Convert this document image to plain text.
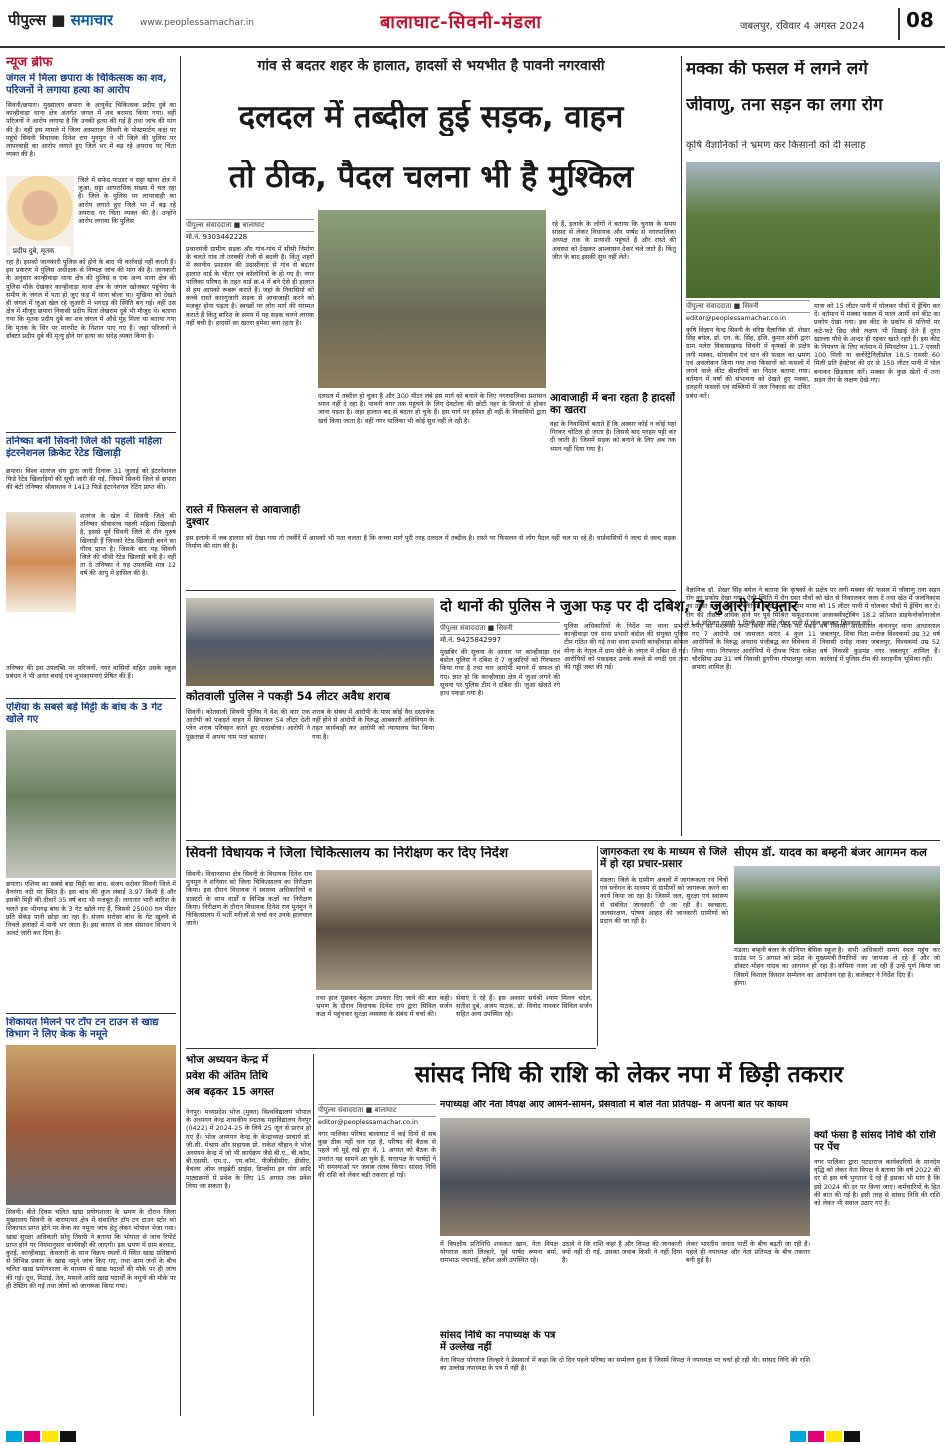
पीपुल्स ■ समाचार	www.peoplessamachar.in	बालाघाट-सिवनी-मंडला	जबलपुर, रविवार 4 अगस्त 2024	08
न्यूज ब्रीफ
जंगल में मिला छपारा के चिकित्सक का शव, परिजनों ने लगाया हत्या का आरोप
सिवनी/छपारा। मुख्यालय छपारा के आयुर्वेद चिकित्सक प्रदीप दुबे का कान्हीवाड़ा थाना क्षेत्र अंतर्गत जंगल में शव बरामद किया गया। वहीं परिजनों ने आरोप लगाया है कि उनकी हत्या की गई है तथा जांच की मांग की है। वहीं इस मामले में जिला अस्पताल सिवनी के पोस्टमार्टम कक्ष पर पहुंचे सिवनी विधायक दिनेश राय मुनमुन ने भी जिले की पुलिस पर लापरवाही का आरोप लगाते हुए जिले भर में बढ़ रहे अपराध पर चिंता व्यक्त की है।
प्रदीप दुबे, मृतक
जिले में सफेद पाउडर व सट्टा खाना क्षेत्र में जुआ, सट्टा आपराधिक संख्या में चल रहा है। जिले के पुलिस पर लापरवाही का आरोप लगाते हुए जिले भर में बढ़ रहे अपराध पर चिंता व्यक्त की है। उन्होंने आरोप लगाया कि पुलिस
रहा है। इसको जानकारी पुलिस को होने के बाद भी कार्रवाई नहीं करती है। इस प्रकरण में पुलिस अधीक्षक से निष्पक्ष जांच की मांग की है। जानकारी के अनुसार कान्हीवाड़ा थाना क्षेत्र की पुलिस व एक अन्य थाना क्षेत्र की पुलिस मौके देखकर कान्हीवाड़ा थाना क्षेत्र के जंगल खोजबार पहुंचेगा के समीप के जंगल में पता हो जुए फड़ में थाना बोला था। मुखिया को देखते ही जंगल में जुआ खेल रहे जुआरी में भगदड़ की स्थिति बन गई। वहीं उस क्षेत्र में मौजूद छपारा निवासी प्रदीप पिता लेखराम दुबे भी मौजूद थे। बताया गया कि मृतक प्रदीप दुबे का शव जंगल में औंधे मुंह मिला था बताया गया कि मृतक के सिर पर मारपीट के निशान पाए गए हैं। जहां परिजनों ने डॉक्टर प्रदीप दुबे की मृत्यु होने पर हत्या का संदेह व्यक्त किया है।
तनिष्का बनीं सिवनी जिले की पहली महिला इंटरनेशनल क्रिकेट रेटेड खिलाड़ी
छपारा। विश्व शतरंज संघ द्वारा जारी दिनांक 31 जुलाई को इंटरनेशनल फिडे रेटेड खिलाड़ियों की सूची जारी की गई, जिसमें सिवनी जिले से छपारा की बेटी तनिष्का श्रीवास्तव ने 1413 फिडे इंटरनेशनल रेटिंग प्राप्त की।
शतरंज के खेल में सिवनी जिले की तनिष्का श्रीवास्तव पहली महिला खिलाड़ी है, इससे पूर्व सिवनी जिले से तीन पुरुष खिलाड़ी हैं जिनको रेटेड खिलाड़ी बनने का गौरव प्राप्त है। जिसके बाद यह सिवनी जिले की चौथी रेटेड खिलाड़ी बनी है। वहीं ता दे तनिष्का ने यह उपलब्धि मात्र 12 वर्ष की आयु में हासिल की है।
तनिष्का की इस उपलब्धि पर परिजनों, नगर वासियों सहित उसके स्कूल प्रबंधन ने भी अनंत बधाई एवं शुभकामनाएं प्रेषित की हैं।
एशिया के सबसे बड़े मिट्टी के बांध के 3 गेट खोले गए
छपारा। एशिया का सबसे बड़ा मिट्टी का बांध, संजय सरोवर सिवनी जिले में वैनगंगा नदी पर स्थित है। इस बांध की कुल लंबाई 3.97 किमी है और इसकी मिट्टी की दीवारें 35 वर्ष बाद भी मजबूत हैं। लगातार भारी बारिश के चलते इस भीमगढ़ बांध के 3 गेट खोले गए हैं, जिससे 25000 घन मीटर प्रति सेकंड पानी छोड़ा जा रहा है। संजय सरोवर बांध के गेट खुलने से निचले इलाकों में पानी भर जाता है। इस कारण से जल संसाधन विभाग ने अलर्ट जारी कर दिया है।
शिकायत मिलने पर टॉप टन टाउन से खाद्य विभाग ने लिए केक के नमूने
सिवनी। बीते दिवस चलित खाद्य प्रयोगशाला के भ्रमण के दौरान जिला मुख्यालय सिवनी के बारापत्थर क्षेत्र में संचालित टॉप टन टाउन स्टोर को शिकायत प्राप्त होने पर केक का नमूना जांच हेतु लेकर भोपाल भेजा गया। खाद्य सुरक्षा अधिकारी सोनू तिवारी ने बताया कि भोपाल से जांच रिपोर्ट प्राप्त होने पर नियमानुसार कार्यवाही की जाएगी। इस भ्रमण में ग्राम बरघाट, कुरई, कान्हीवाड़ा, केवलारी के साथ विक्रय स्थलों में स्थित खाद्य प्रतिष्ठानों से विभिन्न प्रकार के खाद्य नमूने जांच किए गए, तथा आम जनों के बीच चलित खाद्य प्रयोगशाला के माध्यम से खाद्य पदार्थों की मौके पर ही जांच की गई। दूध, मिठाई, तेल, मसाले आदि खाद्य पदार्थों के नमूनों की मौके पर ही टेस्टिंग की गई तथा लोगों को जागरूक किया गया।
गांव से बदतर शहर के हालात, हादसों से भयभीत है पावनी नगरवासी
दलदल में तब्दील हुई सड़क, वाहन
तो ठीक, पैदल चलना भी है मुश्किल
पीपुल्स संवाददाता ■ बालाघाट
मो.नं. 9303442228
प्रधानमंत्री ग्रामीण सड़क और गांव-गांव में सीसी निर्माण के चलते गांव तो तरक्की तेजी से बदली है। किंतु शहरों में स्थानीय प्रशासन की उदासीनता से गांव से बदतर हालात वार्ड के भीतर एवं कॉलोनियों के हो गए हैं। नगर पालिका परिषद के तहत वार्ड क्र.4 में बने ऐसे ही हालात से हम आपको रूबरू कराते हैं। जहां के निवासियों को कच्चे रास्ते कारगुजारी सड़क से आवाजाही करने को मजबूर होना पड़ता है। स्वच्छों पर लोग मार्ग की मरम्मत कराते हैं किंतु बारिश के समय में यह सड़क चलने लायक नहीं बची है। हादसों का खतरा हमेशा बना रहता है।
दलदल में तब्दील हो चुका है और 300 मीटर लंबे इस मार्ग को बनाने के लिए नगरपालिका प्रशासन ध्यान नहीं दे रहा है। पावनी नगर तक पहुंचने के लिए देवटोला की छोटी नहर के किनारे से होकर जाना पड़ता है। जहां हालात बद से बदतर हो चुके हैं। इस मार्ग पर हमेशा ही नहीं के निवासियों द्वारा खर्च किया जाता है। वहीं नगर पालिका भी कोई सुध नहीं ले रही है।
आवाजाही में बना रहता है हादसों का खतरा
वहां के निवासियों बताते हैं कि अक्सर कोई न कोई यहां गिरकर चोटिल हो जाता है। जिससे बाद मरहम पट्टी कर दी जाती है। जिसमें सड़क को बनाने के लिए अब तक ध्यान नहीं दिया गया है।
रहे हैं, इलाके के लोगों ने बताया कि चुनाव के समय सांसद से लेकर विधायक और पार्षद से नगरपालिका अध्यक्ष तक के प्रत्याशी पहुंचते हैं और रास्ते की अवस्था को देखकर आश्वासन देकर चले जाते हैं। किंतु जीत के बाद इसकी सुध नहीं लेते।
रास्ते में फिसलन से आवाजाही दुश्वार
इस इलाके में जब हालात को देखा गया तो तस्वीरें में आपको भी पता चलता है कि कच्चा मार्ग पूरी तरह दलदल में तब्दील है। रास्ते पर फिसलन से लोग पैदल नहीं चल पा रहे हैं। वार्डवासियों ने जल्द से जल्द सड़क निर्माण की मांग की है।
मक्का की फसल में लगने लगे
जीवाणु, तना सड़न का लगा रोग
कृषि वैज्ञानिकों ने भ्रमण कर किसानों को दी सलाह
पीपुल्स संवाददाता ■ सिवनी
editor@peoplessamachar.co.in
कृषि विज्ञान केन्द्र सिवनी के वरिष्ठ वैज्ञानिक डॉ. शेखर सिंह बघेल, डॉ. एन. के. सिंह, इंजि. कुमार सोनी द्वारा ग्राम पलेरा विकासखण्ड सिवनी में कृषकों के प्रक्षेत्र लगी मक्का, सोयाबीन एवं धान की फसल का भ्रमण एवं अवलोकन किया गया तथा किसानों को फसलों में लगने वाले कीट बीमारियों का निदान बताया गया। वर्तमान में वर्षा की संभावना को देखते हुए मक्का, दलहनी फसलों एवं सब्जियों में जल निकास का उचित प्रबंध करें।
मात्रा को 15 लीटर पानी में घोलकर पौधों में ड्रेंचिंग कर दें। वर्तमान में मक्का फसल में फाल आर्मी वर्म कीट का प्रकोप देखा गया। इस कीट के प्रकोप से पत्तियों पर कटे-फटे छिद्र जैसे लक्षण भी दिखाई देते हैं तुरंत खाल्ला पौधे के अन्दर ही रहकर खाते रहते हैं। इस कीट के नियंत्रण के लिए वर्तमान में स्पिनटोरम 11.7 एससी 100 मिली या क्लोरेंट्रेनिलीप्रोल 18.5 एससी 60 मिली प्रति हेक्टेयर की दर से 150 लीटर पानी में घोल बनाकर छिड़काव करें। मक्का के कुछ खेतों में तना सड़न रोग के लक्षण देखे गए।
वैज्ञानिक डॉ. शेखर सिंह बघेल ने बताया कि कृषकों के प्रक्षेत्र पर लगी मक्का की फसल में जीवाणु तना सड़न रोग का प्रकोप देखा गया। ऐसी स्थिति में रोग ग्रस्त पौधों को खेत से निकालकर जला दें तथा खेत में जलनिकास का उचित प्रबंध करें एवं ब्लीचिंग पाउडर की 3 ग्राम मात्रा को 15 लीटर पानी में घोलकर पौधों में ड्रेंचिंग कर दें। रोग की तीव्रता अधिक होने पर पूर्व मिश्रित फफूंदनाशक अजाक्सीस्ट्रोबिन 18.2 प्रतिशत डाइफेनोकोनाजोल 11.4 प्रतिशत एससी 1 मिली दवा प्रति लीटर पानी में घोल बनाकर छिड़काव करें।
दो थानों की पुलिस ने जुआ फड़ पर दी दबिश, 7 जुआरी गिरफ्तार
पीपुल्स संवाददाता ■ सिवनी
मो.नं. 9425842997
मुखबिर की सूचना के आधार पर कान्हीवाड़ा एवं बंडोल पुलिस ने दबिश दे 7 जुआरियों को गिरफ्तार किया गया है तथा चार आरोपी भागने में सफल हो गए। ज्ञात हो कि कान्हीवाड़ा क्षेत्र में जुआ लगने की सूचना पर पुलिस टीम ने दबिश दी। जुआ खेलते रंगे हाथ पकड़ा गया है।
पुलिस अधिकारियों के निर्देश पर थाना प्रभारी कान्हीवाड़ा एवं थाना प्रभारी बंडोल की संयुक्त पुलिस टीम गठित की गई तथा थाना प्रभारी कान्हीवाड़ा कोमल मीना के नेतृत्व में ग्राम खैरी के जंगल में दबिश दी गई। आरोपियों को पकड़कर उनके कब्जे से नगदी एवं ताश की गड्डी जब्त की गई।
रुपए का मशरूका जप्त किया गया। मौके पर पकड़े गए 7 आरोपी एवं जामजत फरार 4 कुल 11 आरोपियों के विरुद्ध अपराध पंजीबद्ध कर विवेचना में लिया गया। गिरफ्तार आरोपियों में दीपक पिता राकेश चौरसिया उम्र 31 वर्ष निवासी डूंगरिया गोपालपुर थाना छपारा शामिल हैं।
वर्ष निवासी आधारताल कंचनपुर थाना आधारताल जबलपुर, शिवा पिता मनोज विश्वकर्मा उम्र 32 वर्ष निवासी दमोह नाका जबलपुर, विश्वकर्मा उम्र 52 वर्ष निवासी कुडमंड नगर जबलपुर शामिल हैं। कार्रवाई में पुलिस टीम की सराहनीय भूमिका रही।
कोतवाली पुलिस ने पकड़ी 54 लीटर अवैध शराब
सिवनी। कोतवाली सिवनी पुलिस ने वेश की कार एक आरोपी को पकड़ते वाहन में छिपाकर 54 लीटर देशी प्लेन शराब परिवहन करते हुए धरदबोचा। आरोपी ने पूछताछ में अपना नाम पता बताया।
शराब के संबंध में आरोपी के पास कोई वैध दस्तावेज नहीं होने से आरोपी के विरुद्ध आबकारी अधिनियम के तहत कार्यवाही कर आरोपी को न्यायालय पेश किया गया है।
सिवनी विधायक ने जिला चिकित्सालय का निरीक्षण कर दिए निर्देश
सिवनी। विधानसभा क्षेत्र सिवनी के विधायक दिनेश राय मुनमुन ने शनिवार को जिला चिकित्सालय का निरीक्षण किया। इस दौरान विधायक ने स्वास्थ्य अधिकारियों व डाक्टरों के साथ वार्डों व विभिन्न कक्षों का निरीक्षण किया। निरीक्षण के दौरान विधायक दिनेश राय मुनमुन ने चिकित्सालय में भर्ती मरीजों से चर्चा कर उनके हालचाल जाने।
तथा हाल पूछकर बेहतर उपचार दिए जाने की बात कही। भ्रमण के दौरान विधायक दिनेश राय द्वारा सिविल सर्जन कक्ष में पहुंचकर सुरक्षा व्यवस्था के संबंध में चर्चा की।
सेवाएं दे रहे हैं। इस अवसर सर्वश्री श्याम मिलन चंदेल, सतीश दुबे, अजय पाठक, डॉ. विनोद नावकर सिविल सर्जन सहित अन्य उपस्थित रहे।	जागरुकता रथ के माध्यम से जिले में हो रहा प्रचार-प्रसार
मंडला। जिले के ग्रामीण अंचलों में जागरूकता रथ चित्रों एवं स्लोगन के माध्यम से ग्रामीणों को जागरूक करने का कार्य किया जा रहा है। जिसमें जल, सुरक्षा एवं स्वास्थ्य से संबंधित जानकारी दी जा रही है। स्वच्छता, जलसंरक्षण, पोषण आहार की जानकारी ग्रामीणों को प्रदान की जा रही है।
सीएम डॉ. यादव का बम्हनी बंजर आगमन कल
मंडला। बम्हनी बंजर के सीनियर बेसिक स्कूल ग्राउंड पर 5 अगस्त को प्रदेश के मुख्यमंत्री डॉक्टर मोहन यादव का आगमन हो रहा है। जिसमें विशाल किसान सम्मेलन का आयोजन होगा।
है। सभी अधिकारी समय स्थल पहुंच कर तैयारियों का जायजा ले रहे हैं और जो कमियां नजर आ रही हैं उन्हें पूर्ण किया जा रहा है। कलेक्टर ने निर्देश दिए हैं।
भोज अध्ययन केन्द्र में
प्रवेश की अंतिम तिथि
अब बढ़कर 15 अगस्त
नेनपुर। मध्यप्रदेश भोज (मुक्त) विश्वविद्यालय भोपाल के अध्ययन केन्द्र शासकीय स्नातक महाविद्यालय नैनपुर (0422) में 2024-25 के लिये 25 जून से प्रारंभ हो गए हैं। भोज अध्ययन केन्द्र के केन्द्राध्यक्ष प्राचार्य डॉ. जी.सी. मेश्राम और सहायक प्रो. राकेश चौहान ने भोज अध्ययन केन्द्र में जो भी कार्यक्रम जैसे बी.ए., बी.कॉम, बी.एससी, एम.ए., एम.कॉम, पीजीडीसीए, डीसीए, बैचलर ऑफ लाइब्रेरी साइंस, डिप्लोमा इन योग आदि पाठ्यक्रमों में प्रवेश के लिए 15 अगस्त तक प्रवेश लिया जा सकता है।
सांसद निधि की राशि को लेकर नपा में छिड़ी तकरार
नपाध्यक्ष और नेता विपक्ष आए आमने-सामने, प्रेसवार्ता में बोले नेता प्रतिपक्ष- मैं अपनी बात पर कायम
पीपुल्स संवाददाता ■ बालाघाट
editor@peoplessamachar.co.in
नगर पालिका परिषद बालाघाट में कई दिनों से सब कुछ ठीक नहीं चल रहा है, परिषद की बैठक से पहले जो मुद्दे रखे हुए थे, 1 अगस्त को बैठक के उपरांत यह सामने आ चुके हैं, सत्तापक्ष के पार्षदों ने भी समस्याओं पर जवाब तलब किया। सांसद निधि की राशि को लेकर बड़ी तकरार हो गई।
में विपक्षीय प्रतिनिधि शफकत खान, नेता विपक्ष योगराज कारो लिल्हारे, पूर्व पार्षद रूपना बर्मा, रामभाऊ पंचभाई, हरीश अली उपस्थित रहे।
उठाये थे कि राशि कहां है और विपक्ष की जानकारी क्यों नहीं दी गई, उसका जवाब किसी ने नहीं दिया है।
लेकर भारतीय जनता पार्टी के बीच बढ़ती जा रही है। पहले ही नपाध्यक्ष और नेता प्रतिपक्ष के बीच तकरार बनी हुई है।
सांसद निधि का नपाध्यक्ष के पत्र में उल्लेख नहीं
नेता विपक्ष योगराज लिल्हारे ने प्रेसवार्ता में कहा कि दो दिन पहले परिषद का सम्मेलन हुआ है जिसमें विपक्ष ने नपाध्यक्ष पर चर्चा हो रही थी। सांसद निधि की राशि का उल्लेख नपाध्यक्ष के पत्र में नहीं है।
क्यों फंसा है सांसद निधि की राशि पर पेंच
नगर पालिका द्वारा पटदाराज कार्यकारियों के मानदेय वृद्धि को लेकर नेता विपक्ष ने बताया कि वर्ष 2022 की दर से इस वर्ष भुगतान दे रहे हैं इसका भी मांग है कि इसे 2024 की दर पर किया जाए। कर्मचारियों के हित की बात की गई है। इसी तरह से सांसद निधि की राशि को लेकर भी सवाल उठाए गए हैं।
